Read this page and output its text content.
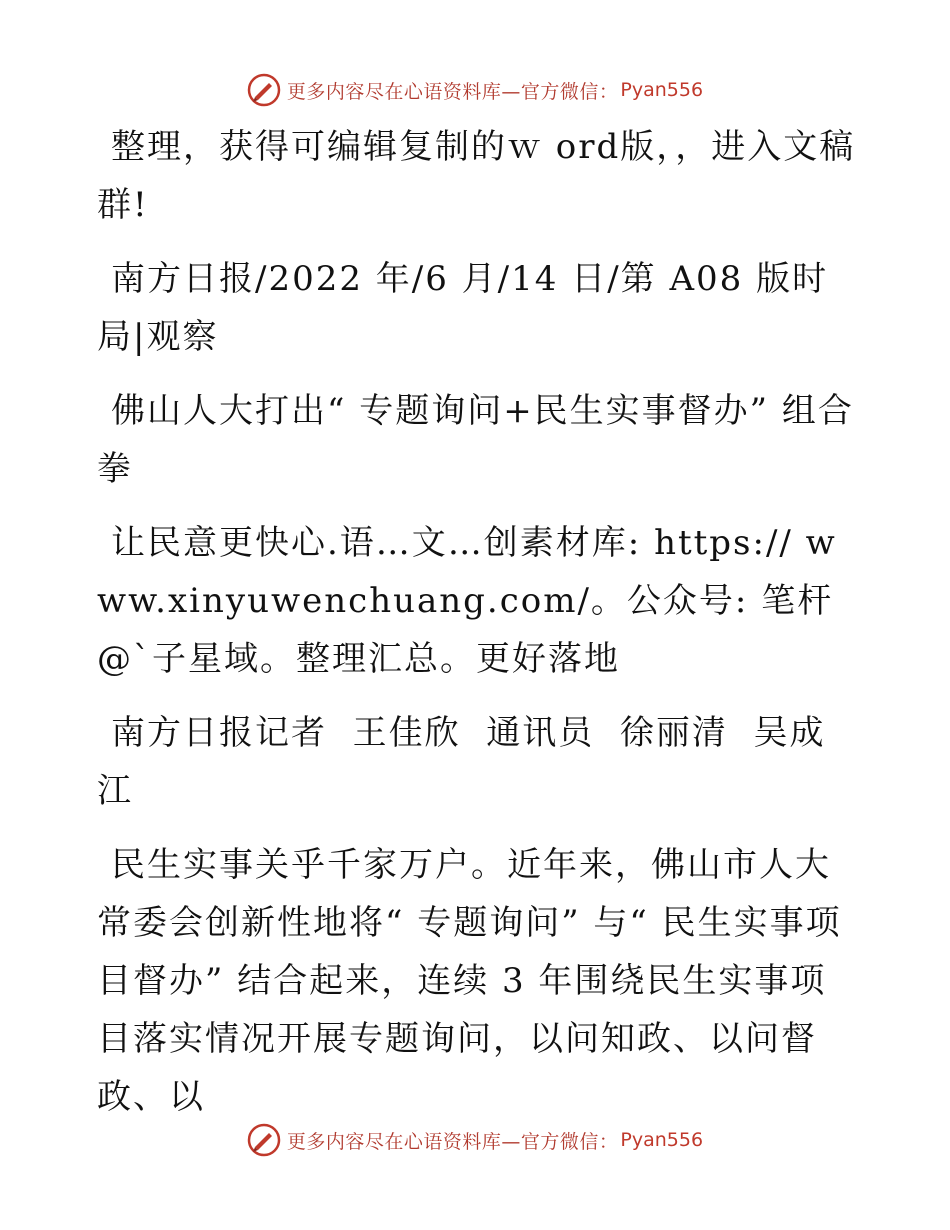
更多内容尽在心语资料库—官方微信： Pyan556

整理，获得可编辑复制的ｗ ord版，，进入文稿群!

南方日报/2022 年/6 月/14 日/第 A08 版时局|观察

佛山人大打出“ 专题询问+民生实事督办” 组合拳

让民意更快心.语…文…创素材库: https:// www.xinyuwenchuang.com/。公众号: 笔杆@`子星域。整理汇总。更好落地

南方日报记者  王佳欣  通讯员  徐丽清  吴成江

民生实事关乎千家万户。近年来，佛山市人大常委会创新性地将“ 专题询问” 与“ 民生实事项目督办” 结合起来，连续 3 年围绕民生实事项目落实情况开展专题询问，以问知政、以问督政、以

更多内容尽在心语资料库—官方微信： Pyan556
